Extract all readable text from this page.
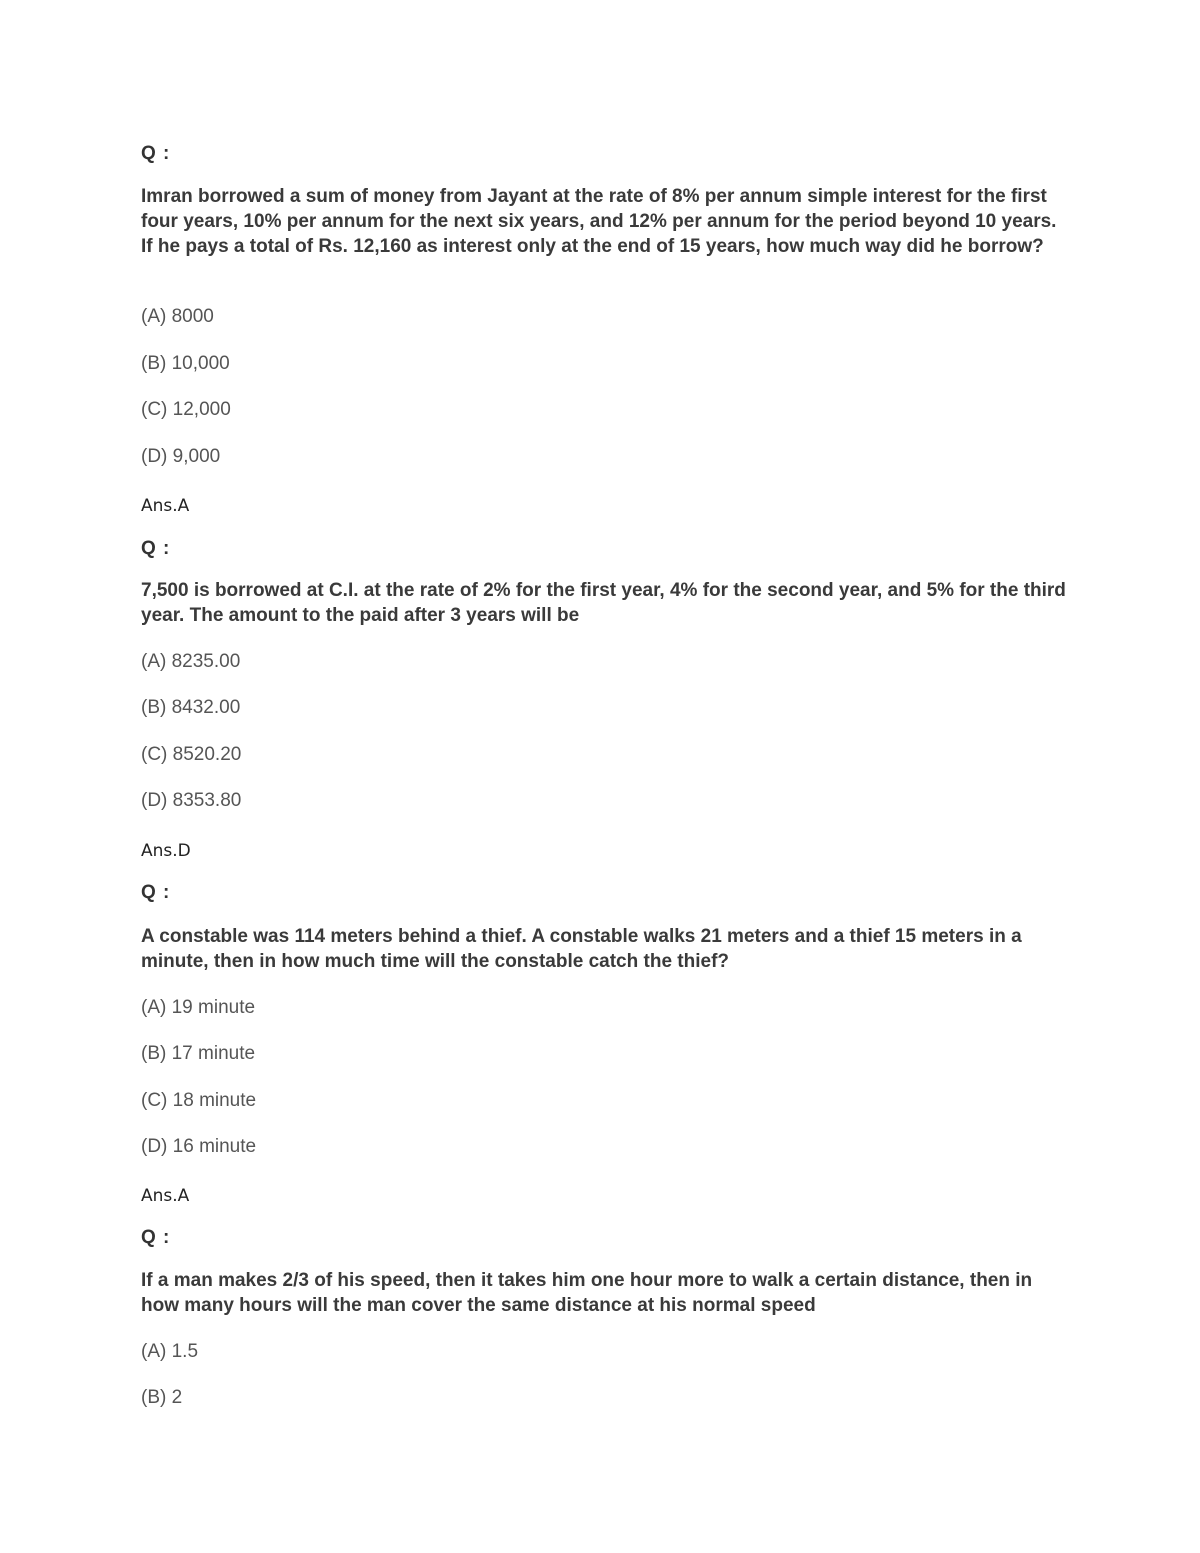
Q :
Imran borrowed a sum of money from Jayant at the rate of 8% per annum simple interest for the first four years, 10% per annum for the next six years, and 12% per annum for the period beyond 10 years. If he pays a total of Rs. 12,160 as interest only at the end of 15 years, how much way did he borrow?
(A) 8000
(B) 10,000
(C) 12,000
(D) 9,000
Ans.A
Q :
7,500 is borrowed at C.I. at the rate of 2% for the first year, 4% for the second year, and 5% for the third year. The amount to the paid after 3 years will be
(A) 8235.00
(B) 8432.00
(C) 8520.20
(D) 8353.80
Ans.D
Q :
A constable was 114 meters behind a thief. A constable walks 21 meters and a thief 15 meters in a minute, then in how much time will the constable catch the thief?
(A) 19 minute
(B) 17 minute
(C) 18 minute
(D) 16 minute
Ans.A
Q :
If a man makes 2/3 of his speed, then it takes him one hour more to walk a certain distance, then in how many hours will the man cover the same distance at his normal speed
(A) 1.5
(B) 2
